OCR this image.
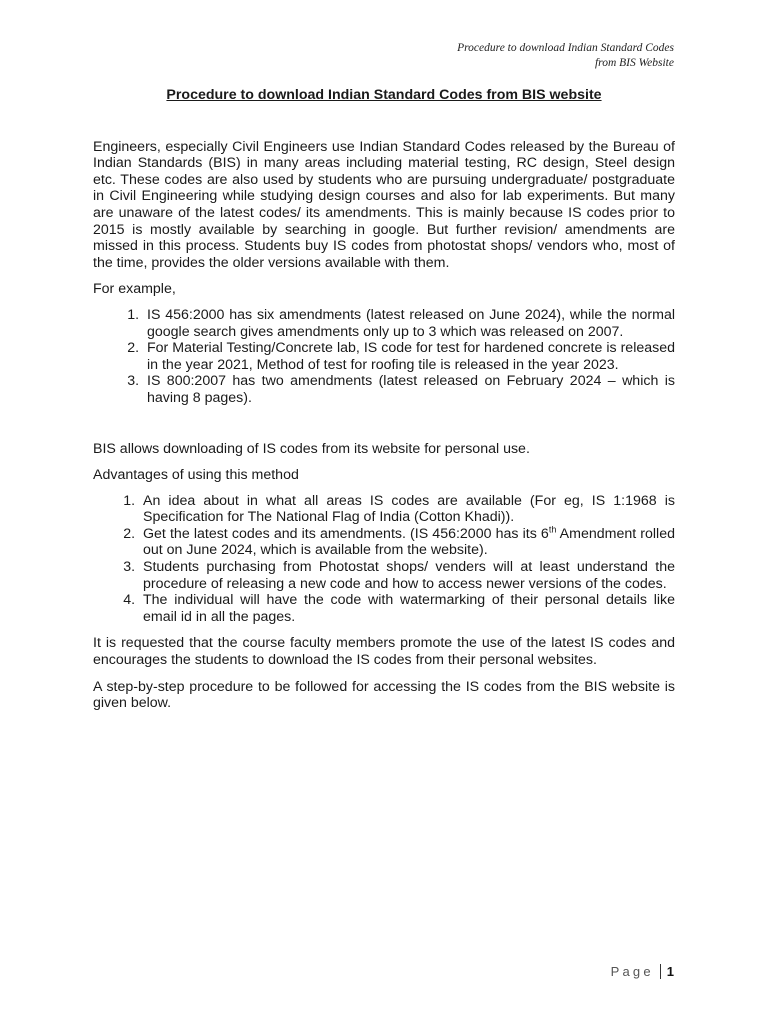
Procedure to download Indian Standard Codes
from BIS Website
Procedure to download Indian Standard Codes from BIS website

Engineers, especially Civil Engineers use Indian Standard Codes released by the Bureau of Indian Standards (BIS) in many areas including material testing, RC design, Steel design etc. These codes are also used by students who are pursuing undergraduate/ postgraduate in Civil Engineering while studying design courses and also for lab experiments. But many are unaware of the latest codes/ its amendments. This is mainly because IS codes prior to 2015 is mostly available by searching in google. But further revision/ amendments are missed in this process. Students buy IS codes from photostat shops/ vendors who, most of the time, provides the older versions available with them.

For example,

1. IS 456:2000 has six amendments (latest released on June 2024), while the normal google search gives amendments only up to 3 which was released on 2007.
2. For Material Testing/Concrete lab, IS code for test for hardened concrete is released in the year 2021, Method of test for roofing tile is released in the year 2023.
3. IS 800:2007 has two amendments (latest released on February 2024 – which is having 8 pages).

BIS allows downloading of IS codes from its website for personal use.

Advantages of using this method

1. An idea about in what all areas IS codes are available (For eg, IS 1:1968 is Specification for The National Flag of India (Cotton Khadi)).
2. Get the latest codes and its amendments. (IS 456:2000 has its 6th Amendment rolled out on June 2024, which is available from the website).
3. Students purchasing from Photostat shops/ venders will at least understand the procedure of releasing a new code and how to access newer versions of the codes.
4. The individual will have the code with watermarking of their personal details like email id in all the pages.

It is requested that the course faculty members promote the use of the latest IS codes and encourages the students to download the IS codes from their personal websites.

A step-by-step procedure to be followed for accessing the IS codes from the BIS website is given below.

Page 1
